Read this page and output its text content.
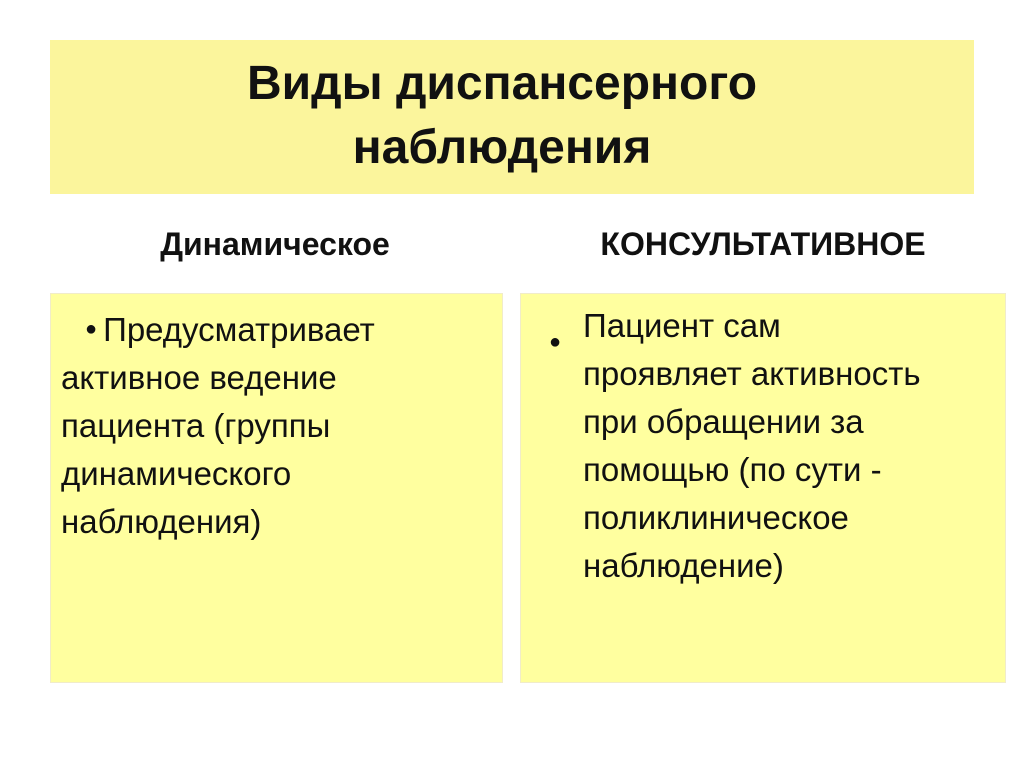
Виды диспансерного
наблюдения

Динамическое	КОНСУЛЬТАТИВНОЕ
● Предусматривает
активное ведение
пациента (группы
динамического
наблюдения)
● Пациент сам
проявляет активность
при обращении за
помощью (по сути -
поликлиническое
наблюдение)
